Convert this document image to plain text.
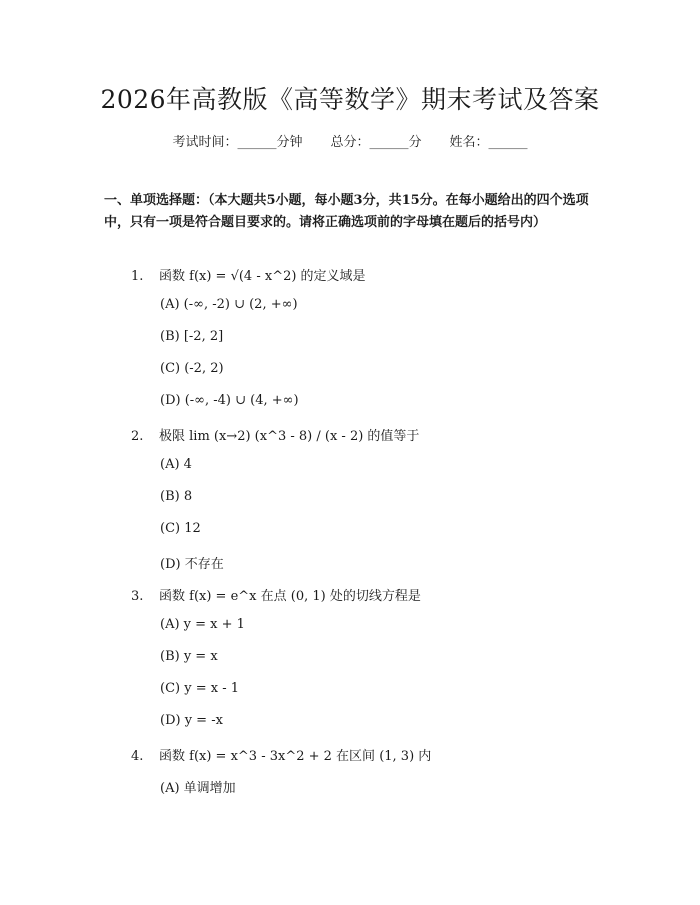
2026年高教版《高等数学》期末考试及答案
考试时间：______分钟 总分：______分 姓名：______
一、单项选择题：（本大题共5小题，每小题3分，共15分。在每小题给出的四个选项中，只有一项是符合题目要求的。请将正确选项前的字母填在题后的括号内）
1. 函数 f(x) = √(4 - x^2) 的定义域是
(A) (-∞, -2) ∪ (2, +∞)
(B) [-2, 2]
(C) (-2, 2)
(D) (-∞, -4) ∪ (4, +∞)
2. 极限 lim (x→2) (x^3 - 8) / (x - 2) 的值等于
(A) 4
(B) 8
(C) 12
(D) 不存在
3. 函数 f(x) = e^x 在点 (0, 1) 处的切线方程是
(A) y = x + 1
(B) y = x
(C) y = x - 1
(D) y = -x
4. 函数 f(x) = x^3 - 3x^2 + 2 在区间 (1, 3) 内
(A) 单调增加
